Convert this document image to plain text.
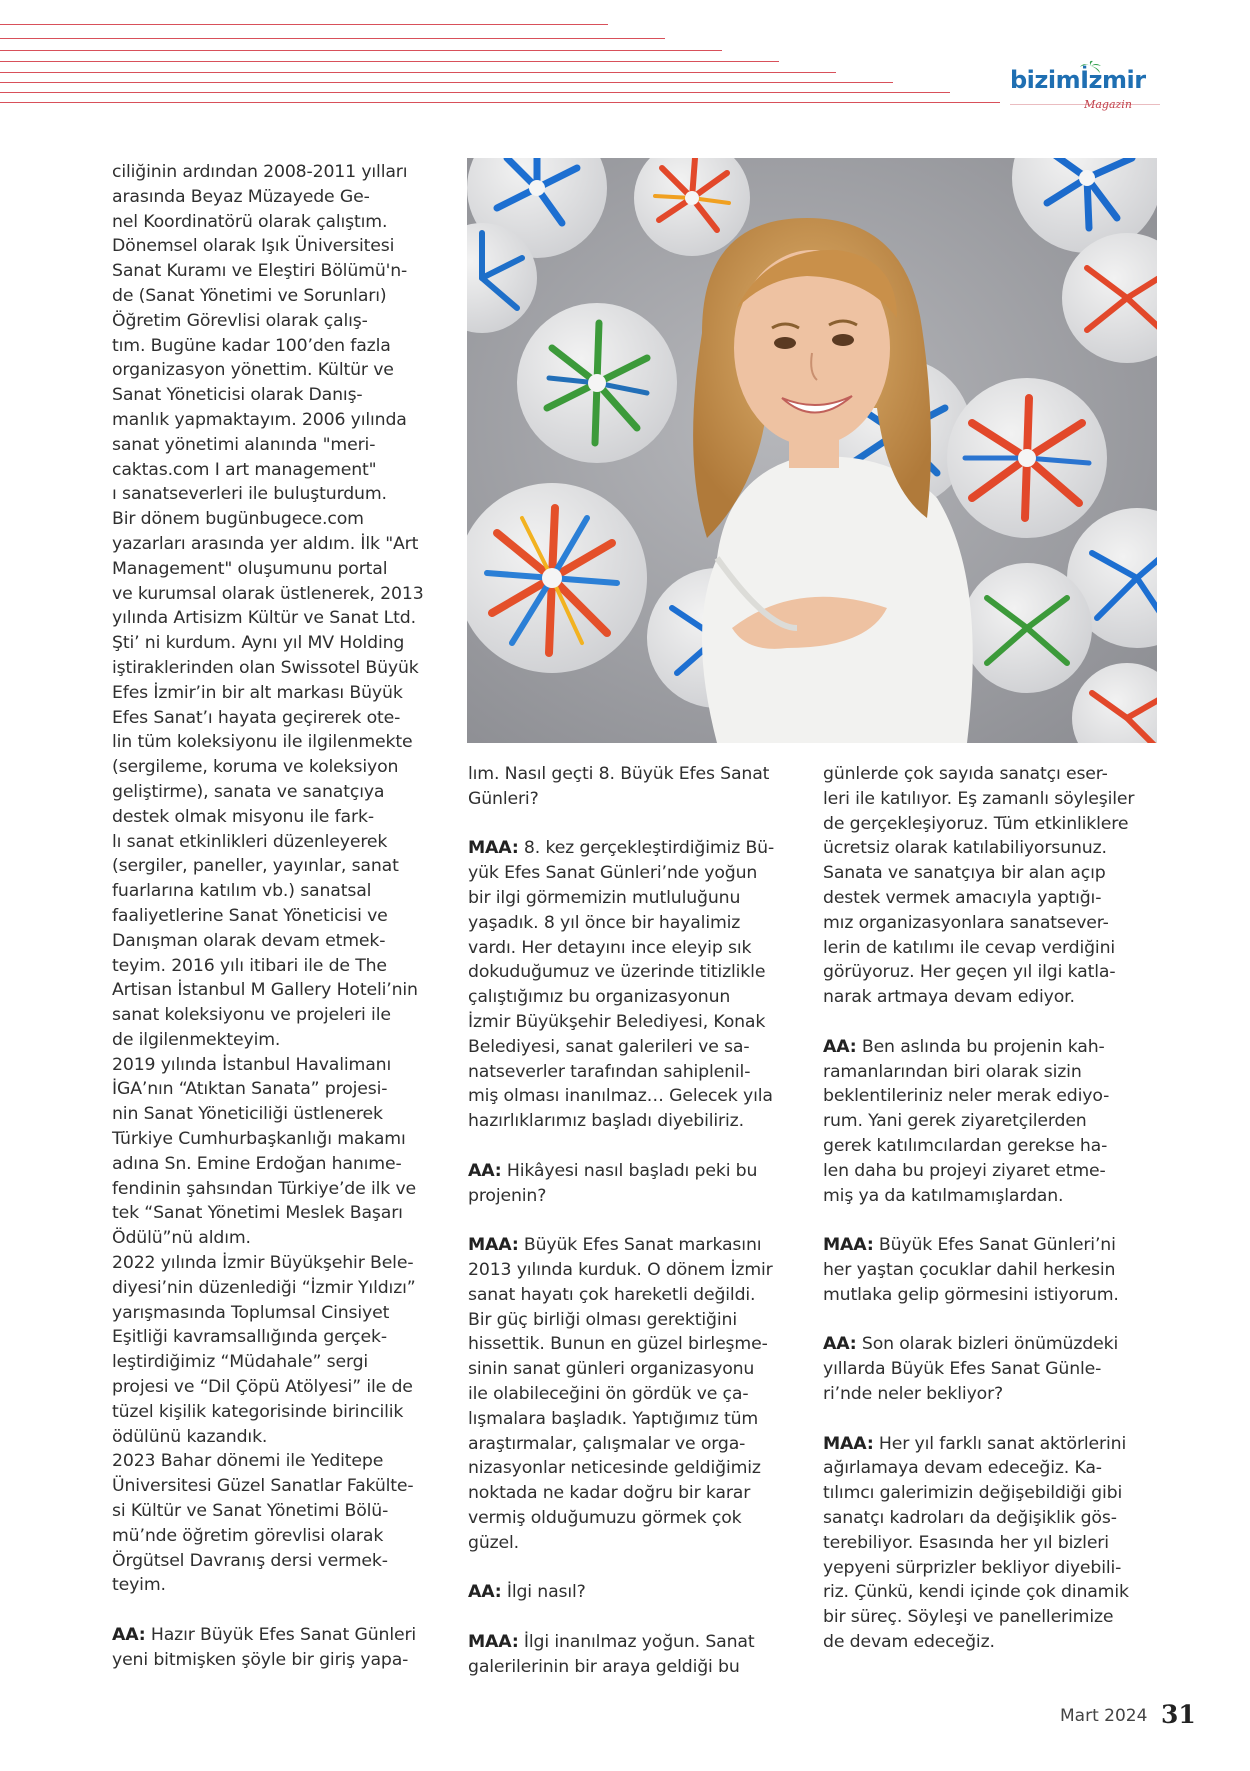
bizimİzmir
Magazin

ciliğinin ardından 2008-2011 yılları
arasında Beyaz Müzayede Ge-
nel Koordinatörü olarak çalıştım.
Dönemsel olarak Işık Üniversitesi
Sanat Kuramı ve Eleştiri Bölümü'n-
de (Sanat Yönetimi ve Sorunları)
Öğretim Görevlisi olarak çalış-
tım. Bugüne kadar 100’den fazla
organizasyon yönettim. Kültür ve
Sanat Yöneticisi olarak Danış-
manlık yapmaktayım. 2006 yılında
sanat yönetimi alanında "meri-
caktas.com I art management"
ı sanatseverleri ile buluşturdum.
Bir dönem bugünbugece.com
yazarları arasında yer aldım. İlk "Art
Management" oluşumunu portal
ve kurumsal olarak üstlenerek, 2013
yılında Artisizm Kültür ve Sanat Ltd.
Şti’ ni kurdum. Aynı yıl MV Holding
iştiraklerinden olan Swissotel Büyük
Efes İzmir’in bir alt markası Büyük
Efes Sanat’ı hayata geçirerek ote-
lin tüm koleksiyonu ile ilgilenmekte
(sergileme, koruma ve koleksiyon
geliştirme), sanata ve sanatçıya
destek olmak misyonu ile fark-
lı sanat etkinlikleri düzenleyerek
(sergiler, paneller, yayınlar, sanat
fuarlarına katılım vb.) sanatsal
faaliyetlerine Sanat Yöneticisi ve
Danışman olarak devam etmek-
teyim. 2016 yılı itibari ile de The
Artisan İstanbul M Gallery Hoteli’nin
sanat koleksiyonu ve projeleri ile
de ilgilenmekteyim.

2019 yılında İstanbul Havalimanı
İGA’nın “Atıktan Sanata” projesi-
nin Sanat Yöneticiliği üstlenerek
Türkiye Cumhurbaşkanlığı makamı
adına Sn. Emine Erdoğan hanıme-
fendinin şahsından Türkiye’de ilk ve
tek “Sanat Yönetimi Meslek Başarı
Ödülü”nü aldım.

2022 yılında İzmir Büyükşehir Bele-
diyesi’nin düzenlediği “İzmir Yıldızı”
yarışmasında Toplumsal Cinsiyet
Eşitliği kavramsallığında gerçek-
leştirdiğimiz “Müdahale” sergi
projesi ve “Dil Çöpü Atölyesi” ile de
tüzel kişilik kategorisinde birincilik
ödülünü kazandık.

2023 Bahar dönemi ile Yeditepe
Üniversitesi Güzel Sanatlar Fakülte-
si Kültür ve Sanat Yönetimi Bölü-
mü’nde öğretim görevlisi olarak
Örgütsel Davranış dersi vermek-
teyim.

AA: Hazır Büyük Efes Sanat Günleri
yeni bitmişken şöyle bir giriş yapa-

lım. Nasıl geçti 8. Büyük Efes Sanat
Günleri?

MAA: 8. kez gerçekleştirdiğimiz Bü-
yük Efes Sanat Günleri’nde yoğun
bir ilgi görmemizin mutluluğunu
yaşadık. 8 yıl önce bir hayalimiz
vardı. Her detayını ince eleyip sık
dokuduğumuz ve üzerinde titizlikle
çalıştığımız bu organizasyonun
İzmir Büyükşehir Belediyesi, Konak
Belediyesi, sanat galerileri ve sa-
natseverler tarafından sahiplenil-
miş olması inanılmaz… Gelecek yıla
hazırlıklarımız başladı diyebiliriz.

AA: Hikâyesi nasıl başladı peki bu
projenin?

MAA: Büyük Efes Sanat markasını
2013 yılında kurduk. O dönem İzmir
sanat hayatı çok hareketli değildi.
Bir güç birliği olması gerektiğini
hissettik. Bunun en güzel birleşme-
sinin sanat günleri organizasyonu
ile olabileceğini ön gördük ve ça-
lışmalara başladık. Yaptığımız tüm
araştırmalar, çalışmalar ve orga-
nizasyonlar neticesinde geldiğimiz
noktada ne kadar doğru bir karar
vermiş olduğumuzu görmek çok
güzel.

AA: İlgi nasıl?

MAA: İlgi inanılmaz yoğun. Sanat
galerilerinin bir araya geldiği bu

günlerde çok sayıda sanatçı eser-
leri ile katılıyor. Eş zamanlı söyleşiler
de gerçekleşiyoruz. Tüm etkinliklere
ücretsiz olarak katılabiliyorsunuz.
Sanata ve sanatçıya bir alan açıp
destek vermek amacıyla yaptığı-
mız organizasyonlara sanatsever-
lerin de katılımı ile cevap verdiğini
görüyoruz. Her geçen yıl ilgi katla-
narak artmaya devam ediyor.

AA: Ben aslında bu projenin kah-
ramanlarından biri olarak sizin
beklentileriniz neler merak ediyo-
rum. Yani gerek ziyaretçilerden
gerek katılımcılardan gerekse ha-
len daha bu projeyi ziyaret etme-
miş ya da katılmamışlardan.

MAA: Büyük Efes Sanat Günleri’ni
her yaştan çocuklar dahil herkesin
mutlaka gelip görmesini istiyorum.

AA: Son olarak bizleri önümüzdeki
yıllarda Büyük Efes Sanat Günle-
ri’nde neler bekliyor?

MAA: Her yıl farklı sanat aktörlerini
ağırlamaya devam edeceğiz. Ka-
tılımcı galerimizin değişebildiği gibi
sanatçı kadroları da değişiklik gös-
terebiliyor. Esasında her yıl bizleri
yepyeni sürprizler bekliyor diyebili-
riz. Çünkü, kendi içinde çok dinamik
bir süreç. Söyleşi ve panellerimize
de devam edeceğiz.

Mart 2024 31
